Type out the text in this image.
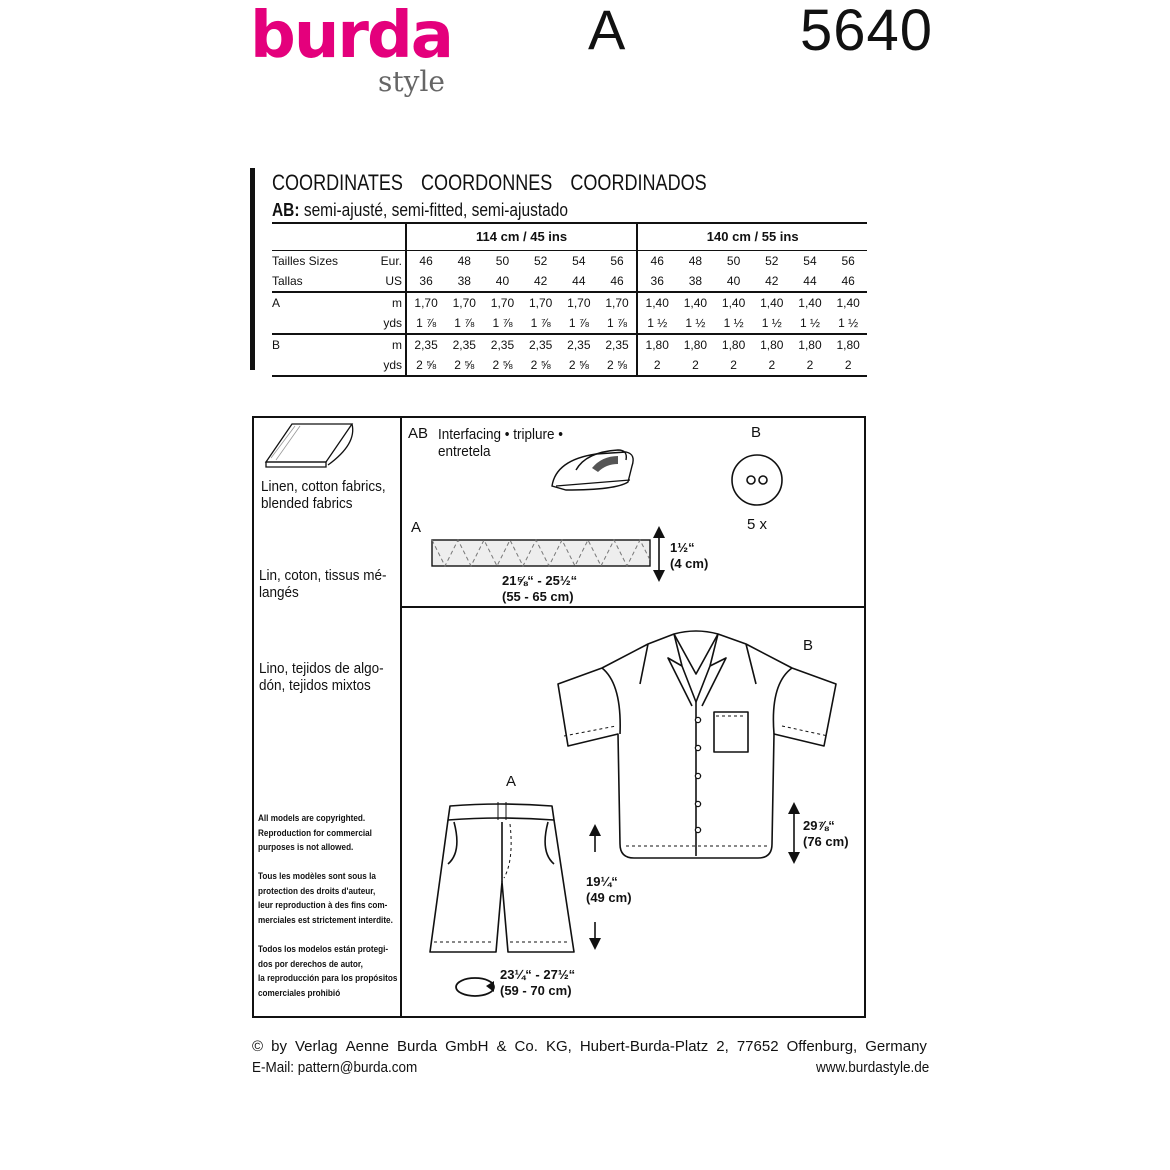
burda
style
A	5640
COORDINATES COORDONNES COORDINADOS
AB: semi-ajusté, semi-fitted, semi-ajustado
		114 cm / 45 ins						140 cm / 55 ins					
Tailles Sizes	Eur.	46	48	50	52	54	56	46	48	50	52	54	56
Tallas	US	36	38	40	42	44	46	36	38	40	42	44	46
A	m	1,70	1,70	1,70	1,70	1,70	1,70	1,40	1,40	1,40	1,40	1,40	1,40
	yds	1 ⅞	1 ⅞	1 ⅞	1 ⅞	1 ⅞	1 ⅞	1 ½	1 ½	1 ½	1 ½	1 ½	1 ½
B	m	2,35	2,35	2,35	2,35	2,35	2,35	1,80	1,80	1,80	1,80	1,80	1,80
	yds	2 ⅝	2 ⅝	2 ⅝	2 ⅝	2 ⅝	2 ⅝	2	2	2	2	2	2
Linen, cotton fabrics,
blended fabrics
Lin, coton, tissus mé-
langés
Lino, tejidos de algo-
dón, tejidos mixtos
All models are copyrighted.
Reproduction for commercial
purposes is not allowed.
Tous les modèles sont sous la
protection des droits d'auteur,
leur reproduction à des fins com-
merciales est strictement interdite.
Todos los modelos están protegi-
dos por derechos de autor,
la reproducción para los propósitos
comerciales prohibió
AB Interfacing • triplure •
entretela
B
5 x
A
1½“
(4 cm)
21⅝“ - 25½“
(55 - 65 cm)
B
29⅞“
(76 cm)
A
19¼“
(49 cm)
23¼“ - 27½“
(59 - 70 cm)
© by Verlag Aenne Burda GmbH & Co. KG, Hubert-Burda-Platz 2, 77652 Offenburg, Germany
E-Mail: pattern@burda.com	www.burdastyle.de
